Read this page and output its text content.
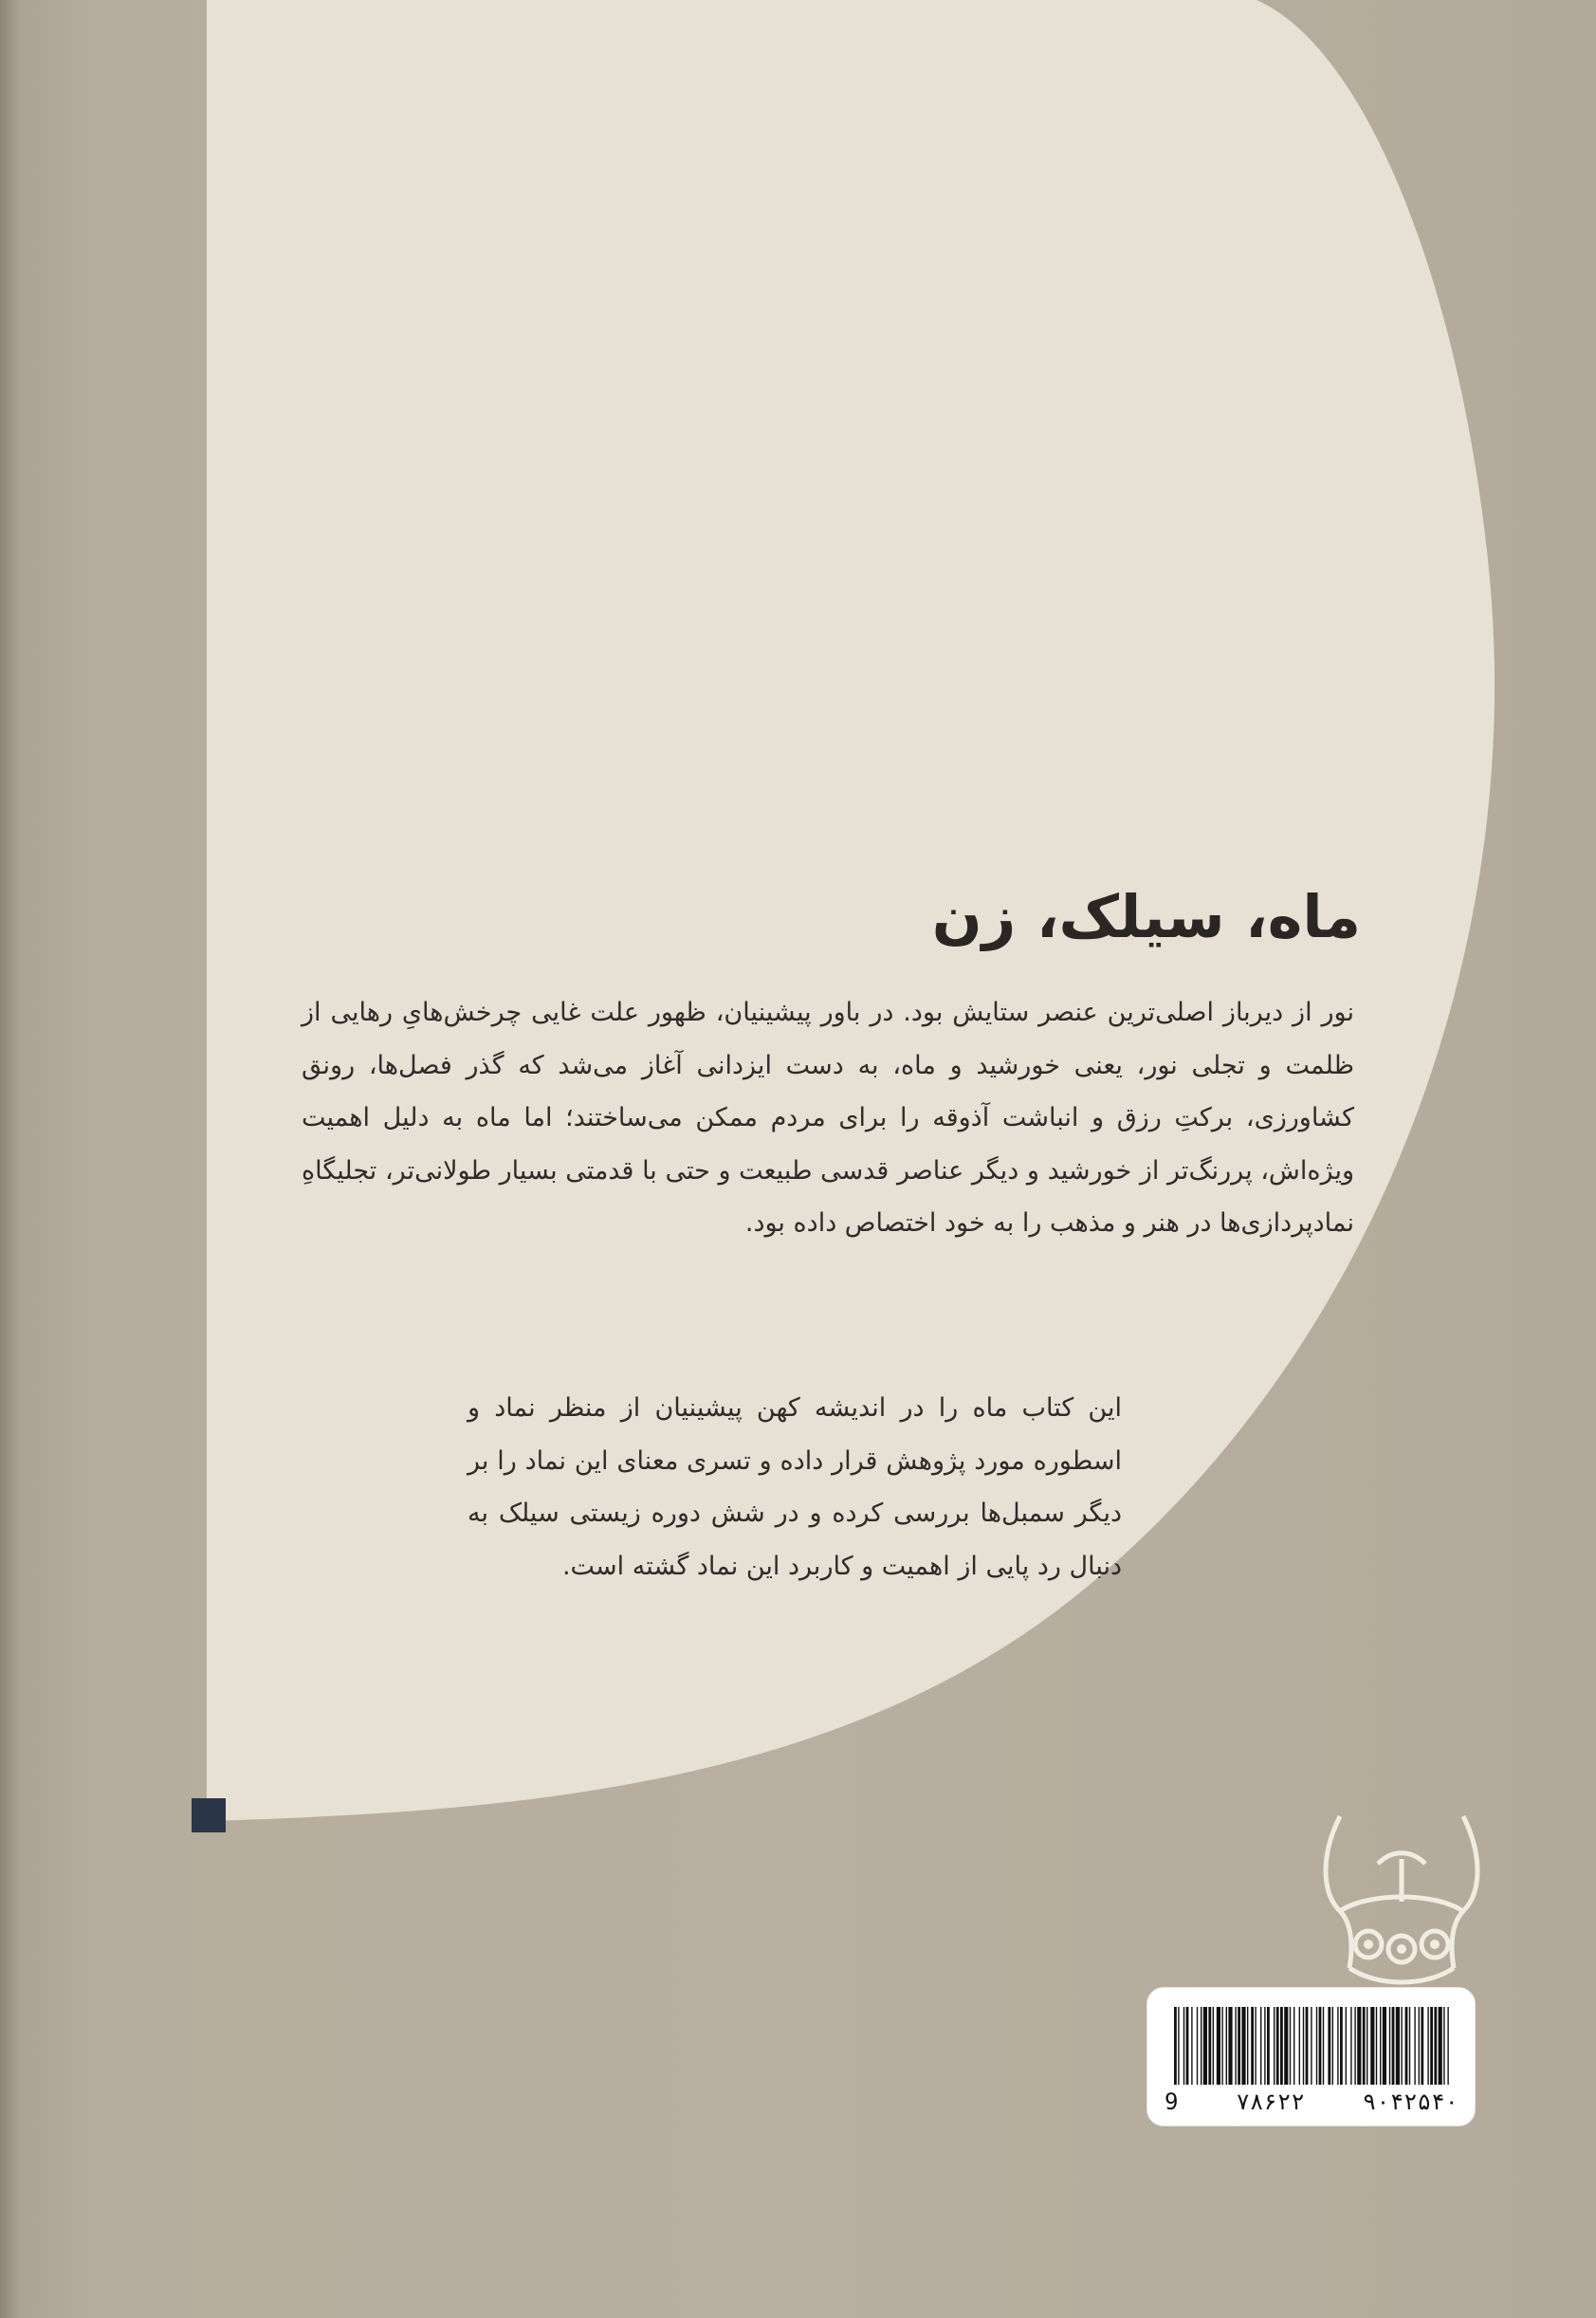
ماه، سیلک، زن

نور از دیرباز اصلی‌ترین عنصر ستایش بود. در باور پیشینیان، ظهور علت غایی چرخش‌هایِ رهایی از ظلمت و تجلی نور، یعنی خورشید و ماه، به دست ایزدانی آغاز می‌شد که گذر فصل‌ها، رونق کشاورزی، برکتِ رزق و انباشت آذوقه را برای مردم ممکن می‌ساختند؛ اما ماه به دلیل اهمیت ویژه‌اش، پررنگ‌تر از خورشید و دیگر عناصر قدسی طبیعت و حتی با قدمتی بسیار طولانی‌تر، تجلیگاهِ نمادپردازی‌ها در هنر و مذهب را به خود اختصاص داده بود.

این کتاب ماه را در اندیشه کهن پیشینیان از منظر نماد و اسطوره مورد پژوهش قرار داده و تسری معنای این نماد را بر دیگر سمبل‌ها بررسی کرده و در شش دوره زیستی سیلک به دنبال رد پایی از اهمیت و کاربرد این نماد گشته است.

9	۷۸۶۲۲	۹۰۴۲۵۴۰
